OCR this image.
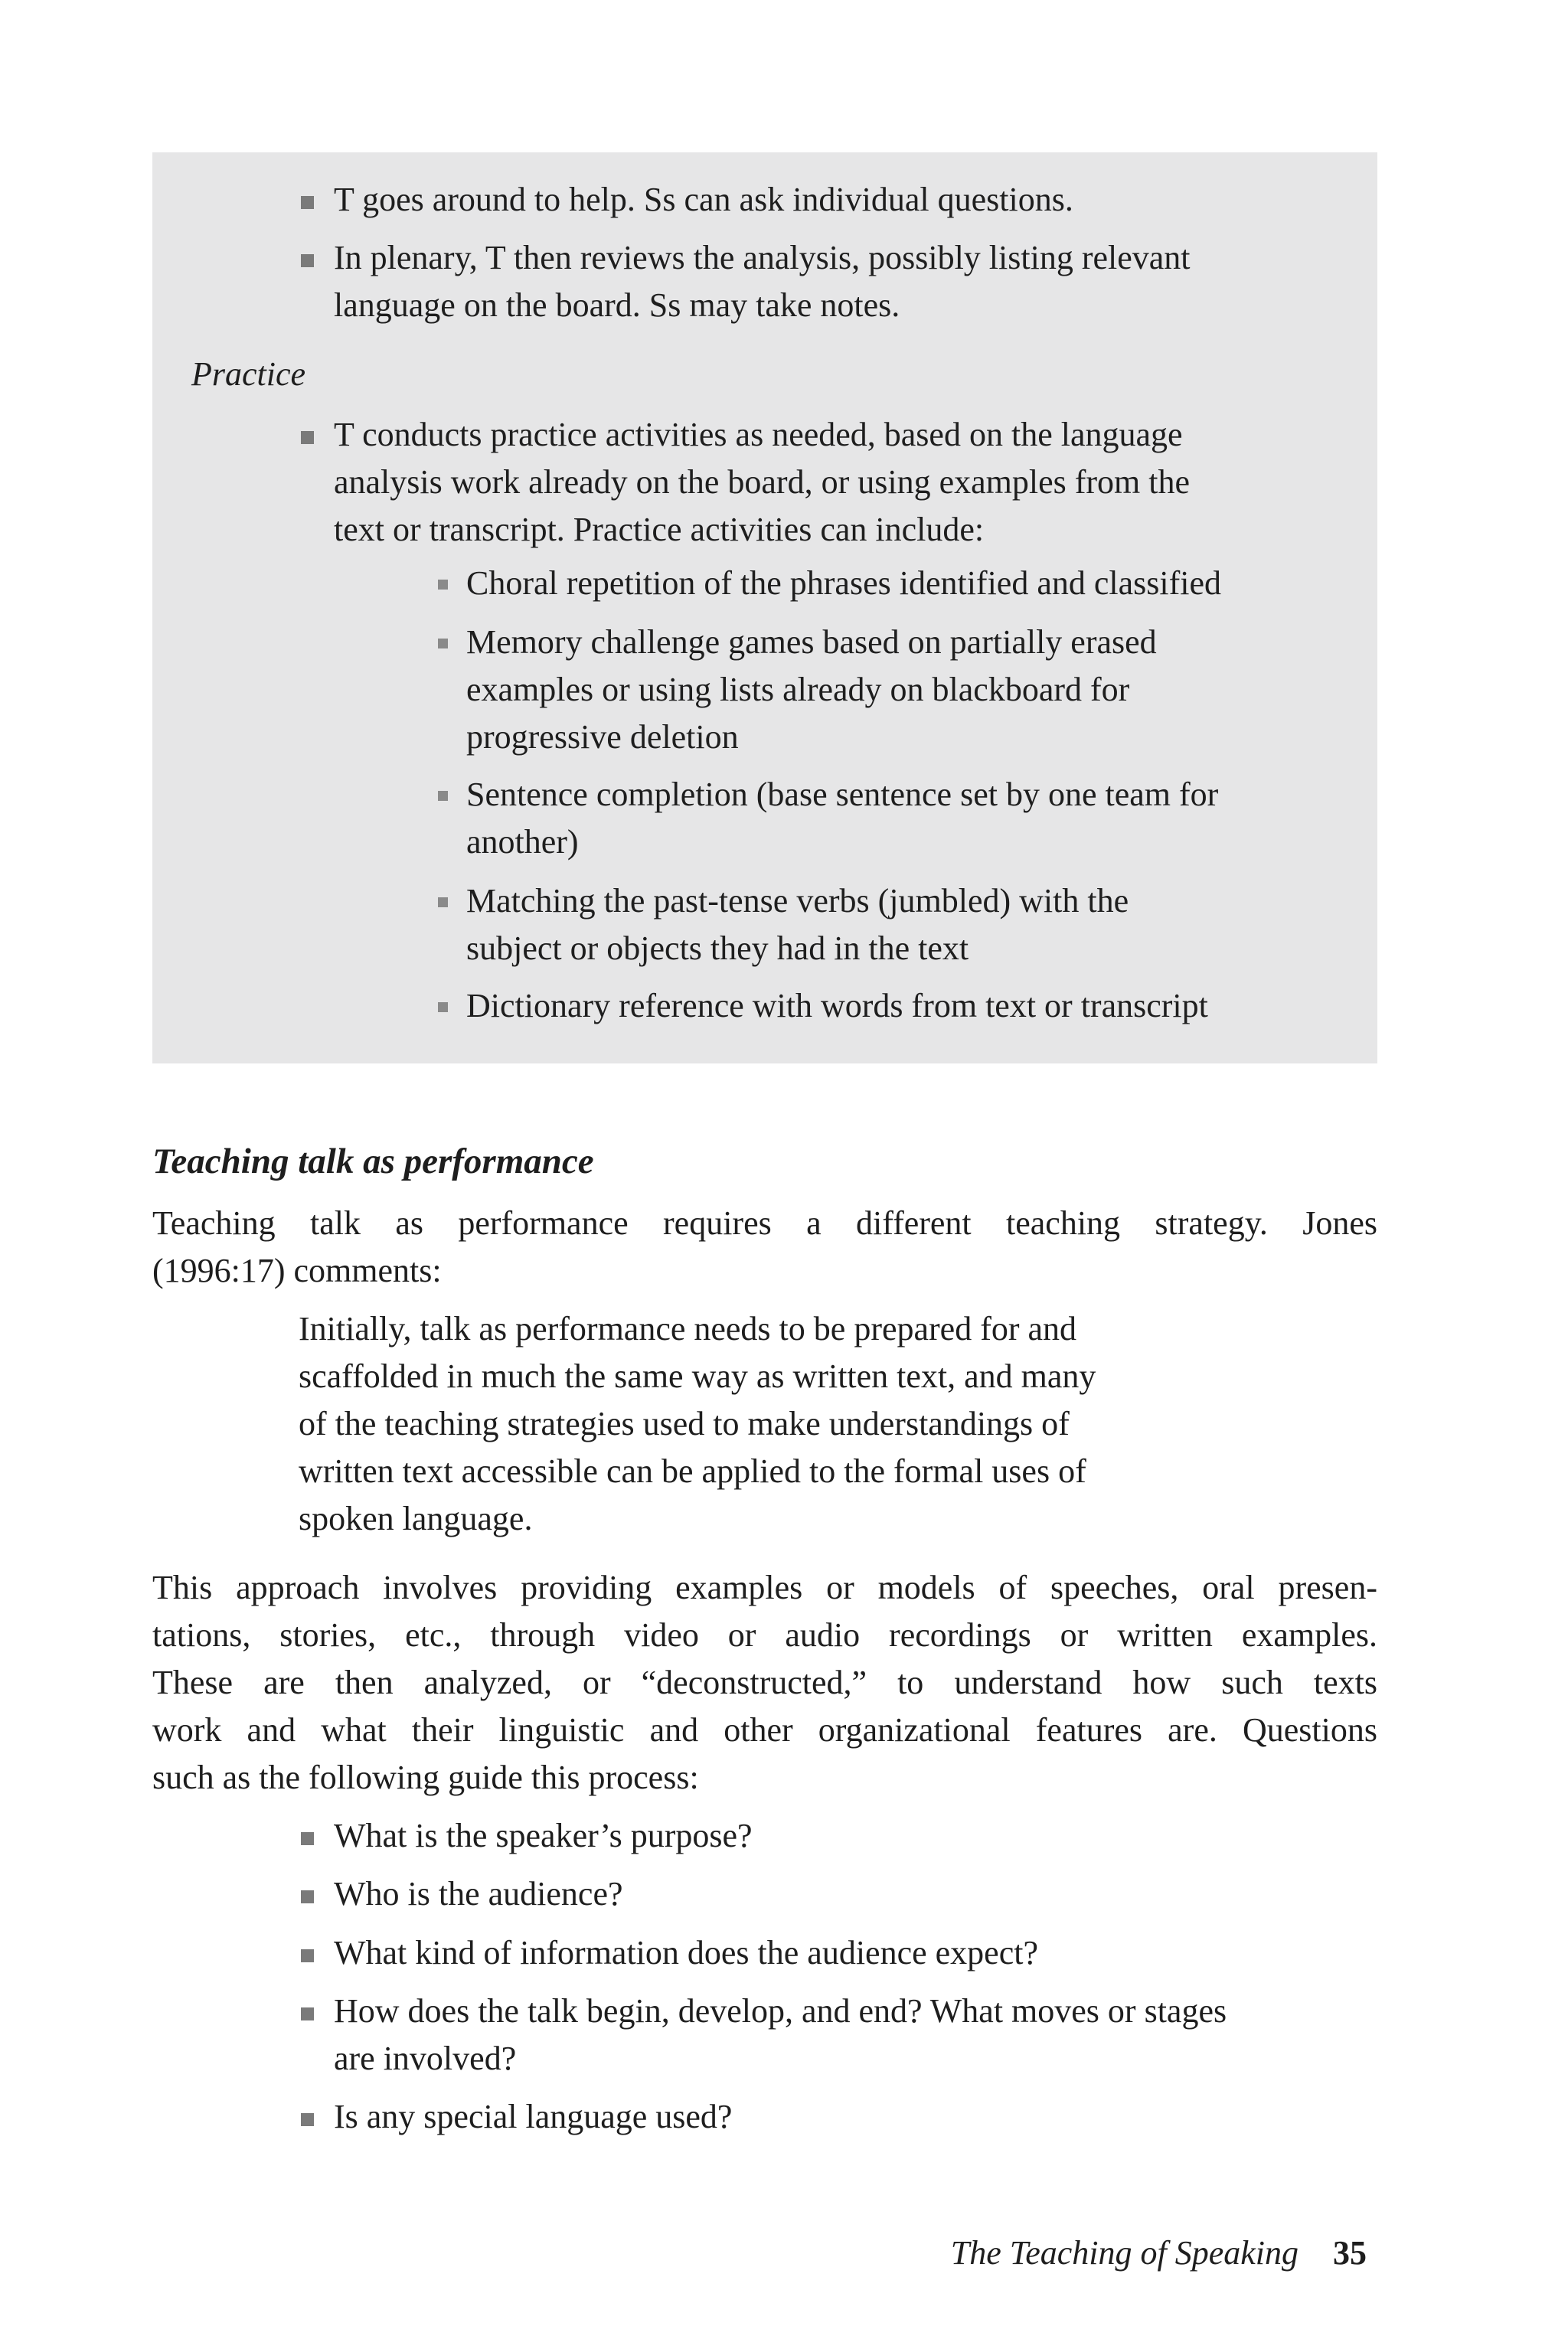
T goes around to help. Ss can ask individual questions.
In plenary, T then reviews the analysis, possibly listing relevant
language on the board. Ss may take notes.
Practice
T conducts practice activities as needed, based on the language
analysis work already on the board, or using examples from the
text or transcript. Practice activities can include:
Choral repetition of the phrases identified and classified
Memory challenge games based on partially erased
examples or using lists already on blackboard for
progressive deletion
Sentence completion (base sentence set by one team for
another)
Matching the past-tense verbs (jumbled) with the
subject or objects they had in the text
Dictionary reference with words from text or transcript
Teaching talk as performance
Teaching talk as performance requires a different teaching strategy. Jones
(1996:17) comments:
Initially, talk as performance needs to be prepared for and
scaffolded in much the same way as written text, and many
of the teaching strategies used to make understandings of
written text accessible can be applied to the formal uses of
spoken language.
This approach involves providing examples or models of speeches, oral presen-
tations, stories, etc., through video or audio recordings or written examples.
These are then analyzed, or “deconstructed,” to understand how such texts
work and what their linguistic and other organizational features are. Questions
such as the following guide this process:
What is the speaker’s purpose?
Who is the audience?
What kind of information does the audience expect?
How does the talk begin, develop, and end? What moves or stages
are involved?
Is any special language used?
The Teaching of Speaking 35
